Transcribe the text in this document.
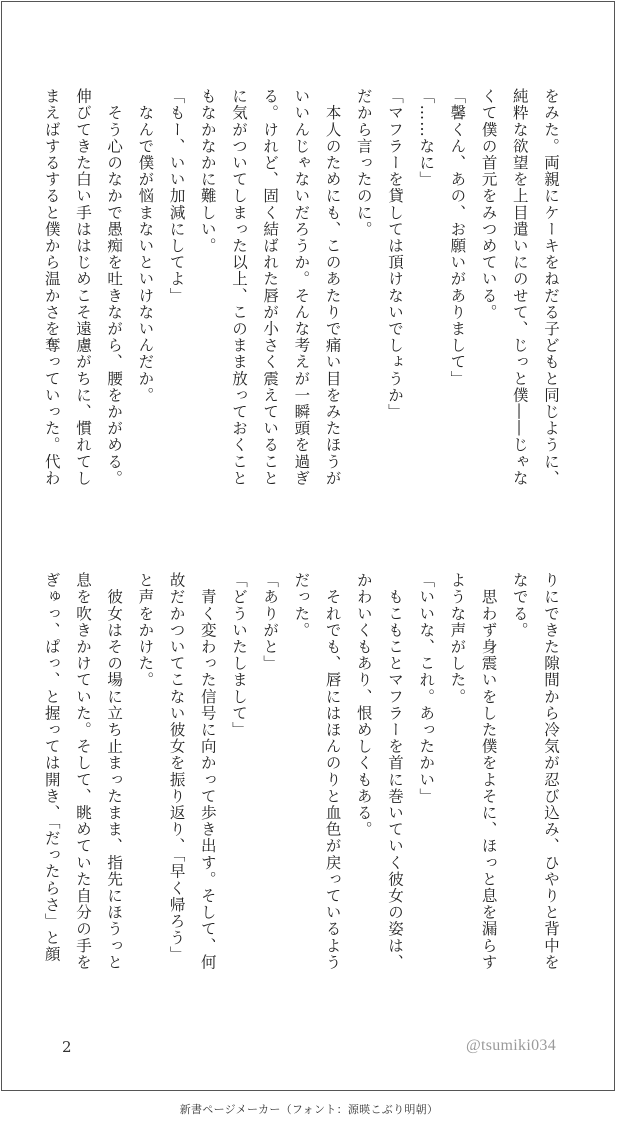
をみた。両親にケーキをねだる子どもと同じように、

純粋な欲望を上目遣いにのせて、じっと僕――じゃな

くて僕の首元をみつめている。

「馨くん、あの、お願いがありまして」

「……なに」

「マフラーを貸しては頂けないでしょうか」

だから言ったのに。

　本人のためにも、このあたりで痛い目をみたほうが

いいんじゃないだろうか。そんな考えが一瞬頭を過ぎ

る。けれど、固く結ばれた唇が小さく震えていること

に気がついてしまった以上、このまま放っておくこと

もなかなかに難しい。

「もー、いい加減にしてよ」

　なんで僕が悩まないといけないんだか。

　そう心のなかで愚痴を吐きながら、腰をかがめる。

伸びてきた白い手ははじめこそ遠慮がちに、慣れてし

まえばするすると僕から温かさを奪っていった。代わ

りにできた隙間から冷気が忍び込み、ひやりと背中を

なでる。

　思わず身震いをした僕をよそに、ほっと息を漏らす

ような声がした。

「いいな、これ。あったかい」

　もこもことマフラーを首に巻いていく彼女の姿は、

かわいくもあり、恨めしくもある。

　それでも、唇にはほんのりと血色が戻っているよう

だった。

「ありがと」

「どういたしまして」

　青く変わった信号に向かって歩き出す。そして、何

故だかついてこない彼女を振り返り、「早く帰ろう」

と声をかけた。

　彼女はその場に立ち止まったまま、指先にほうっと

息を吹きかけていた。そして、眺めていた自分の手を

ぎゅっ、ぱっ、と握っては開き、「だったらさ」と顔

2	@tsumiki034
新書ページメーカー（フォント：源暎こぶり明朝）
